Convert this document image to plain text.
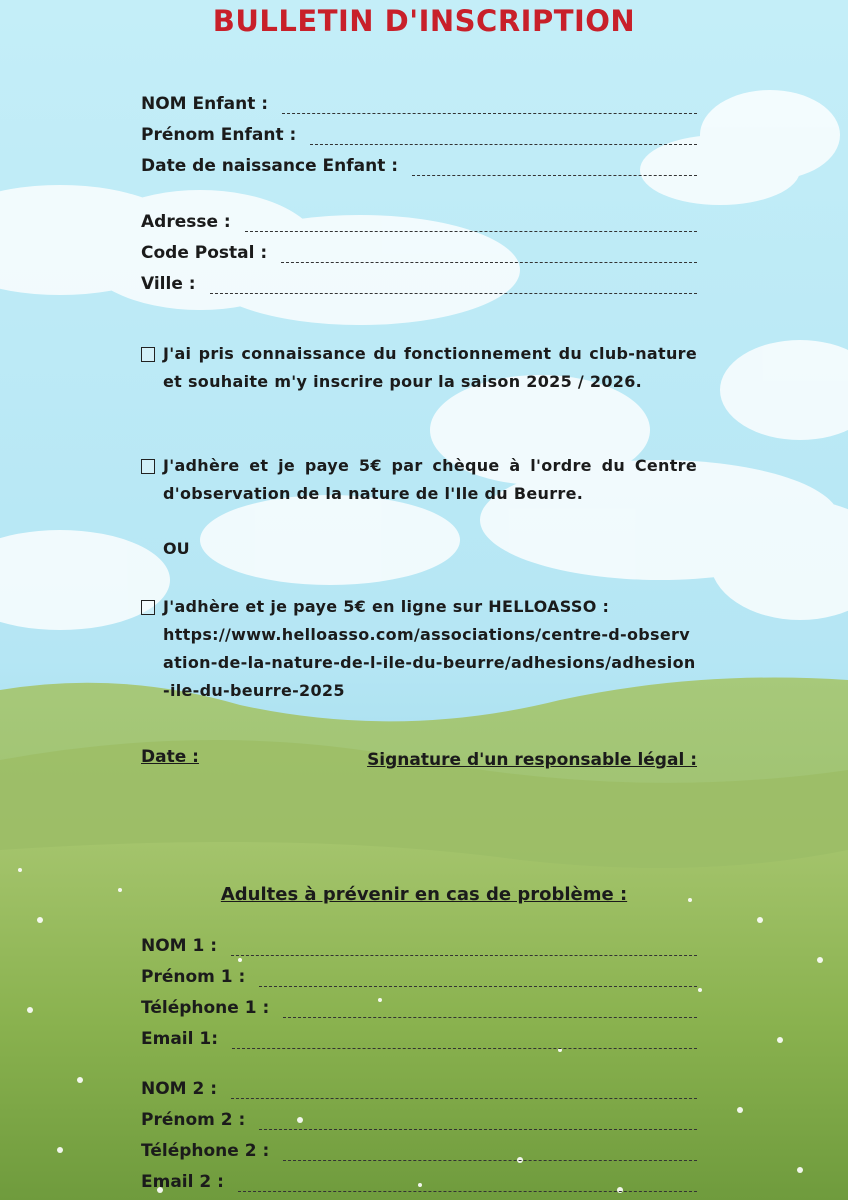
BULLETIN D'INSCRIPTION
NOM Enfant :
Prénom Enfant :
Date de naissance Enfant :
Adresse :
Code Postal :
Ville :
J'ai pris connaissance du fonctionnement du club-nature et souhaite m'y inscrire pour la saison 2025 / 2026.
J'adhère et je paye 5€ par chèque à l'ordre du Centre d'observation de la nature de l'Ile du Beurre.
OU
J'adhère et je paye 5€ en ligne sur HELLOASSO :
https://www.helloasso.com/associations/centre-d-observation-de-la-nature-de-l-ile-du-beurre/adhesions/adhesion-ile-du-beurre-2025
Date :	Signature d'un responsable légal :
Adultes à prévenir en cas de problème :
NOM 1 :
Prénom 1 :
Téléphone 1 :
Email 1:
NOM 2 :
Prénom 2 :
Téléphone 2 :
Email 2 :
